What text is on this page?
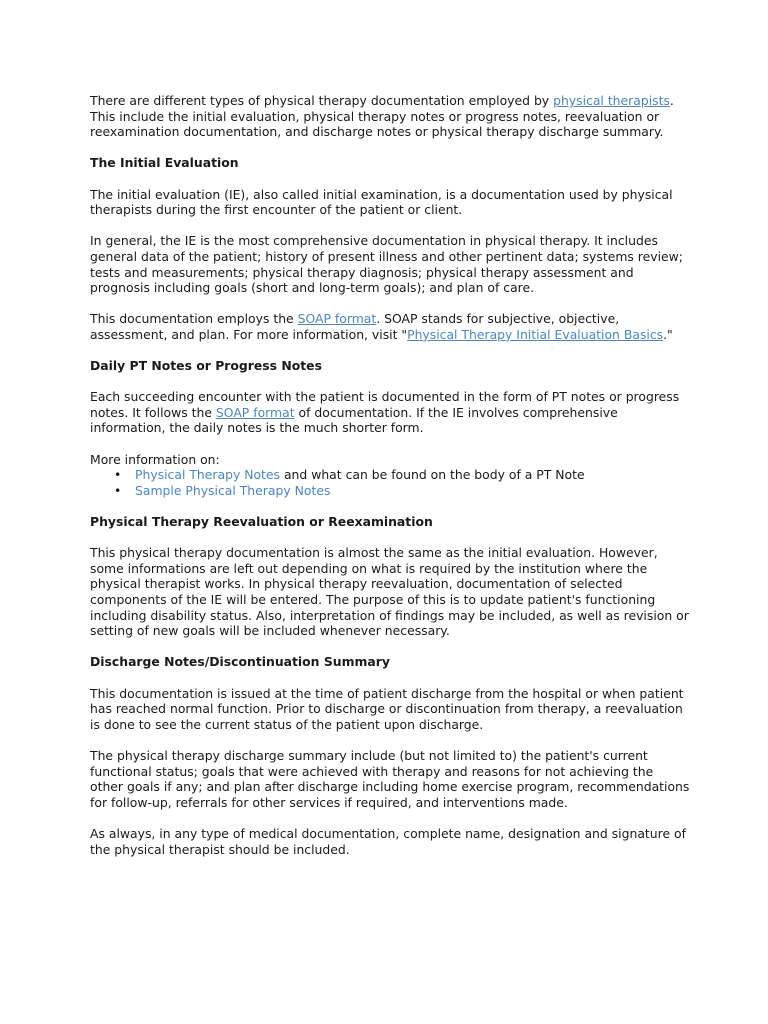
There are different types of physical therapy documentation employed by physical therapists. This include the initial evaluation, physical therapy notes or progress notes, reevaluation or reexamination documentation, and discharge notes or physical therapy discharge summary.

The Initial Evaluation

The initial evaluation (IE), also called initial examination, is a documentation used by physical therapists during the first encounter of the patient or client.

In general, the IE is the most comprehensive documentation in physical therapy. It includes general data of the patient; history of present illness and other pertinent data; systems review; tests and measurements; physical therapy diagnosis; physical therapy assessment and prognosis including goals (short and long-term goals); and plan of care.

This documentation employs the SOAP format. SOAP stands for subjective, objective, assessment, and plan. For more information, visit "Physical Therapy Initial Evaluation Basics."

Daily PT Notes or Progress Notes

Each succeeding encounter with the patient is documented in the form of PT notes or progress notes. It follows the SOAP format of documentation. If the IE involves comprehensive information, the daily notes is the much shorter form.

More information on:
• Physical Therapy Notes and what can be found on the body of a PT Note
• Sample Physical Therapy Notes
Physical Therapy Reevaluation or Reexamination

This physical therapy documentation is almost the same as the initial evaluation. However, some informations are left out depending on what is required by the institution where the physical therapist works. In physical therapy reevaluation, documentation of selected components of the IE will be entered. The purpose of this is to update patient's functioning including disability status. Also, interpretation of findings may be included, as well as revision or setting of new goals will be included whenever necessary.

Discharge Notes/Discontinuation Summary

This documentation is issued at the time of patient discharge from the hospital or when patient has reached normal function. Prior to discharge or discontinuation from therapy, a reevaluation is done to see the current status of the patient upon discharge.

The physical therapy discharge summary include (but not limited to) the patient's current functional status; goals that were achieved with therapy and reasons for not achieving the other goals if any; and plan after discharge including home exercise program, recommendations for follow-up, referrals for other services if required, and interventions made.

As always, in any type of medical documentation, complete name, designation and signature of the physical therapist should be included.
